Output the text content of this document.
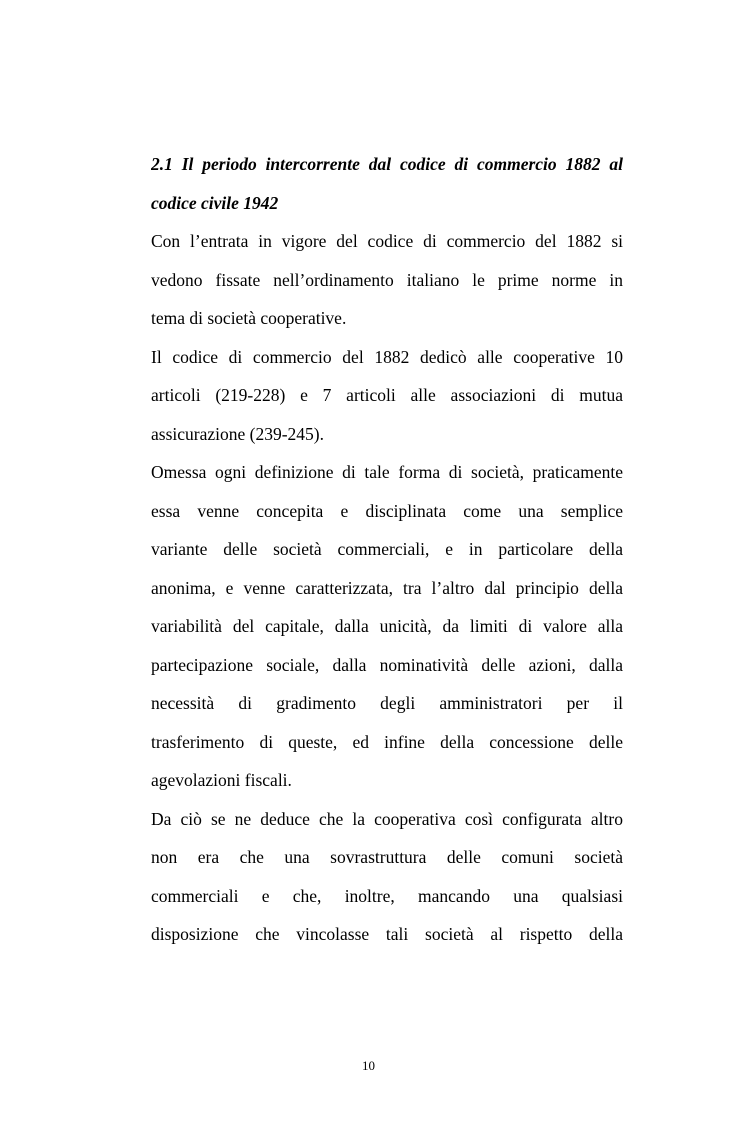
2.1 Il periodo intercorrente dal codice di commercio 1882 al
codice civile 1942

Con l’entrata in vigore del codice di commercio del 1882 si
vedono fissate nell’ordinamento italiano le prime norme in
tema di società cooperative.

Il codice di commercio del 1882 dedicò alle cooperative 10
articoli (219-228) e 7 articoli alle associazioni di mutua
assicurazione (239-245).

Omessa ogni definizione di tale forma di società, praticamente
essa venne concepita e disciplinata come una semplice
variante delle società commerciali, e in particolare della
anonima, e venne caratterizzata, tra l’altro dal principio della
variabilità del capitale, dalla unicità, da limiti di valore alla
partecipazione sociale, dalla nominatività delle azioni, dalla
necessità di gradimento degli amministratori per il
trasferimento di queste, ed infine della concessione delle
agevolazioni fiscali.

Da ciò se ne deduce che la cooperativa così configurata altro
non era che una sovrastruttura delle comuni società
commerciali e che, inoltre, mancando una qualsiasi
disposizione che vincolasse tali società al rispetto della

10
